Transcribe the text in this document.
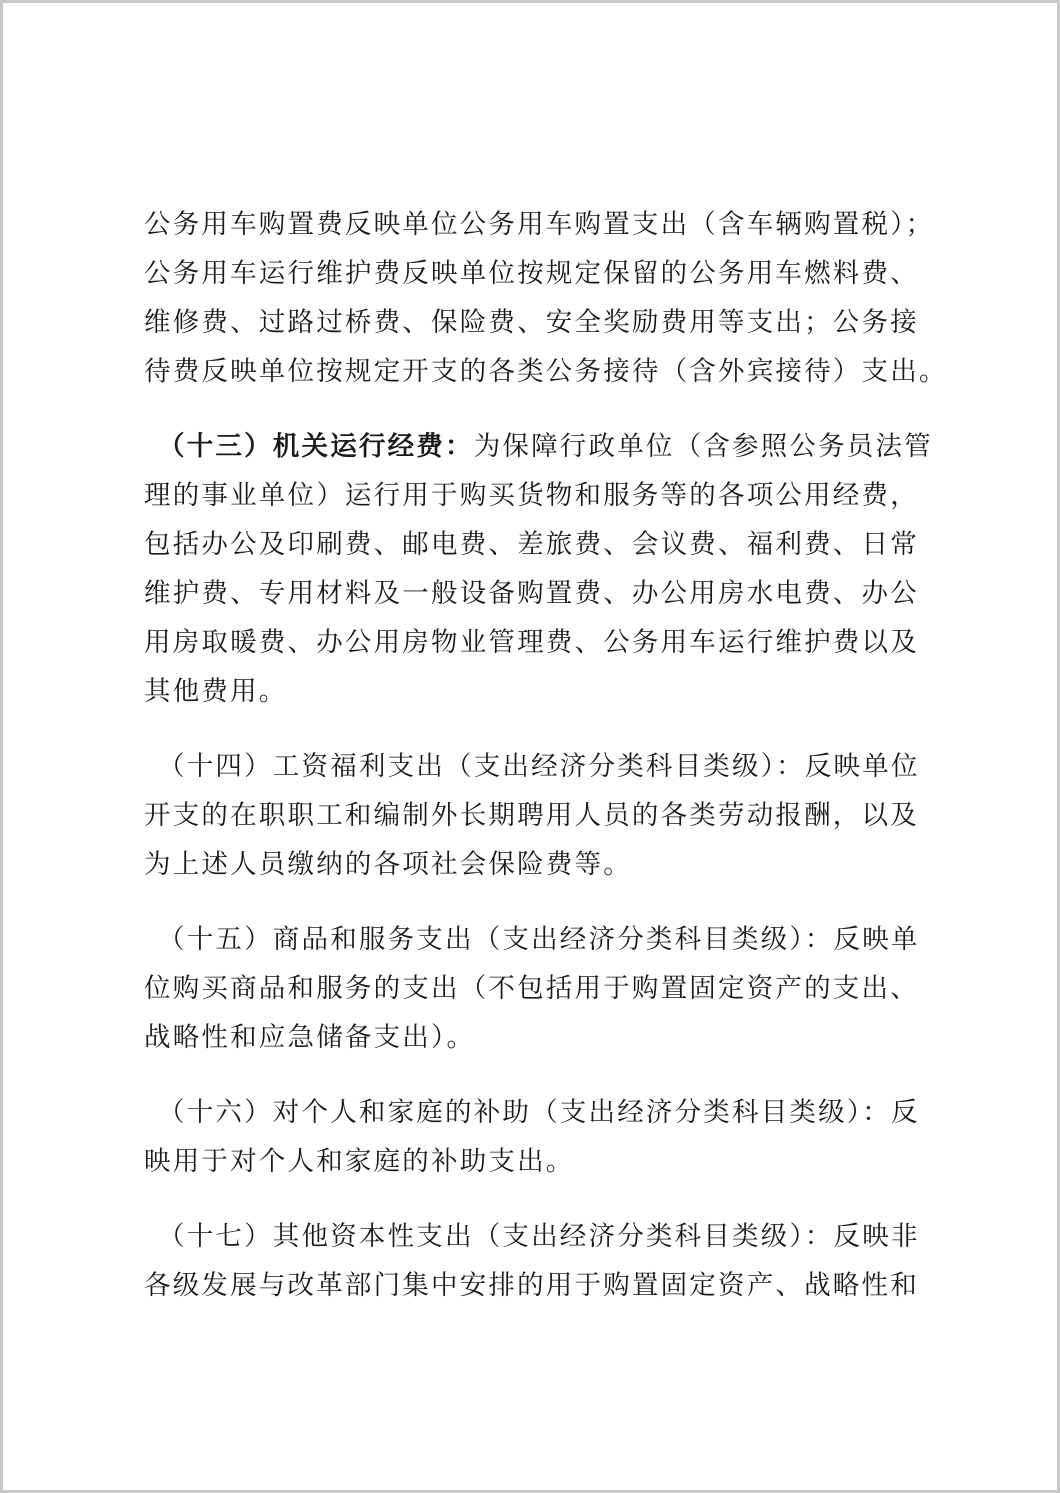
公务用车购置费反映单位公务用车购置支出（含车辆购置税）；
公务用车运行维护费反映单位按规定保留的公务用车燃料费、
维修费、过路过桥费、保险费、安全奖励费用等支出；公务接
待费反映单位按规定开支的各类公务接待（含外宾接待）支出。
（十三）机关运行经费：为保障行政单位（含参照公务员法管
理的事业单位）运行用于购买货物和服务等的各项公用经费，
包括办公及印刷费、邮电费、差旅费、会议费、福利费、日常
维护费、专用材料及一般设备购置费、办公用房水电费、办公
用房取暖费、办公用房物业管理费、公务用车运行维护费以及
其他费用。
（十四）工资福利支出（支出经济分类科目类级）：反映单位
开支的在职职工和编制外长期聘用人员的各类劳动报酬，以及
为上述人员缴纳的各项社会保险费等。
（十五）商品和服务支出（支出经济分类科目类级）：反映单
位购买商品和服务的支出（不包括用于购置固定资产的支出、
战略性和应急储备支出）。
（十六）对个人和家庭的补助（支出经济分类科目类级）：反
映用于对个人和家庭的补助支出。
（十七）其他资本性支出（支出经济分类科目类级）：反映非
各级发展与改革部门集中安排的用于购置固定资产、战略性和
